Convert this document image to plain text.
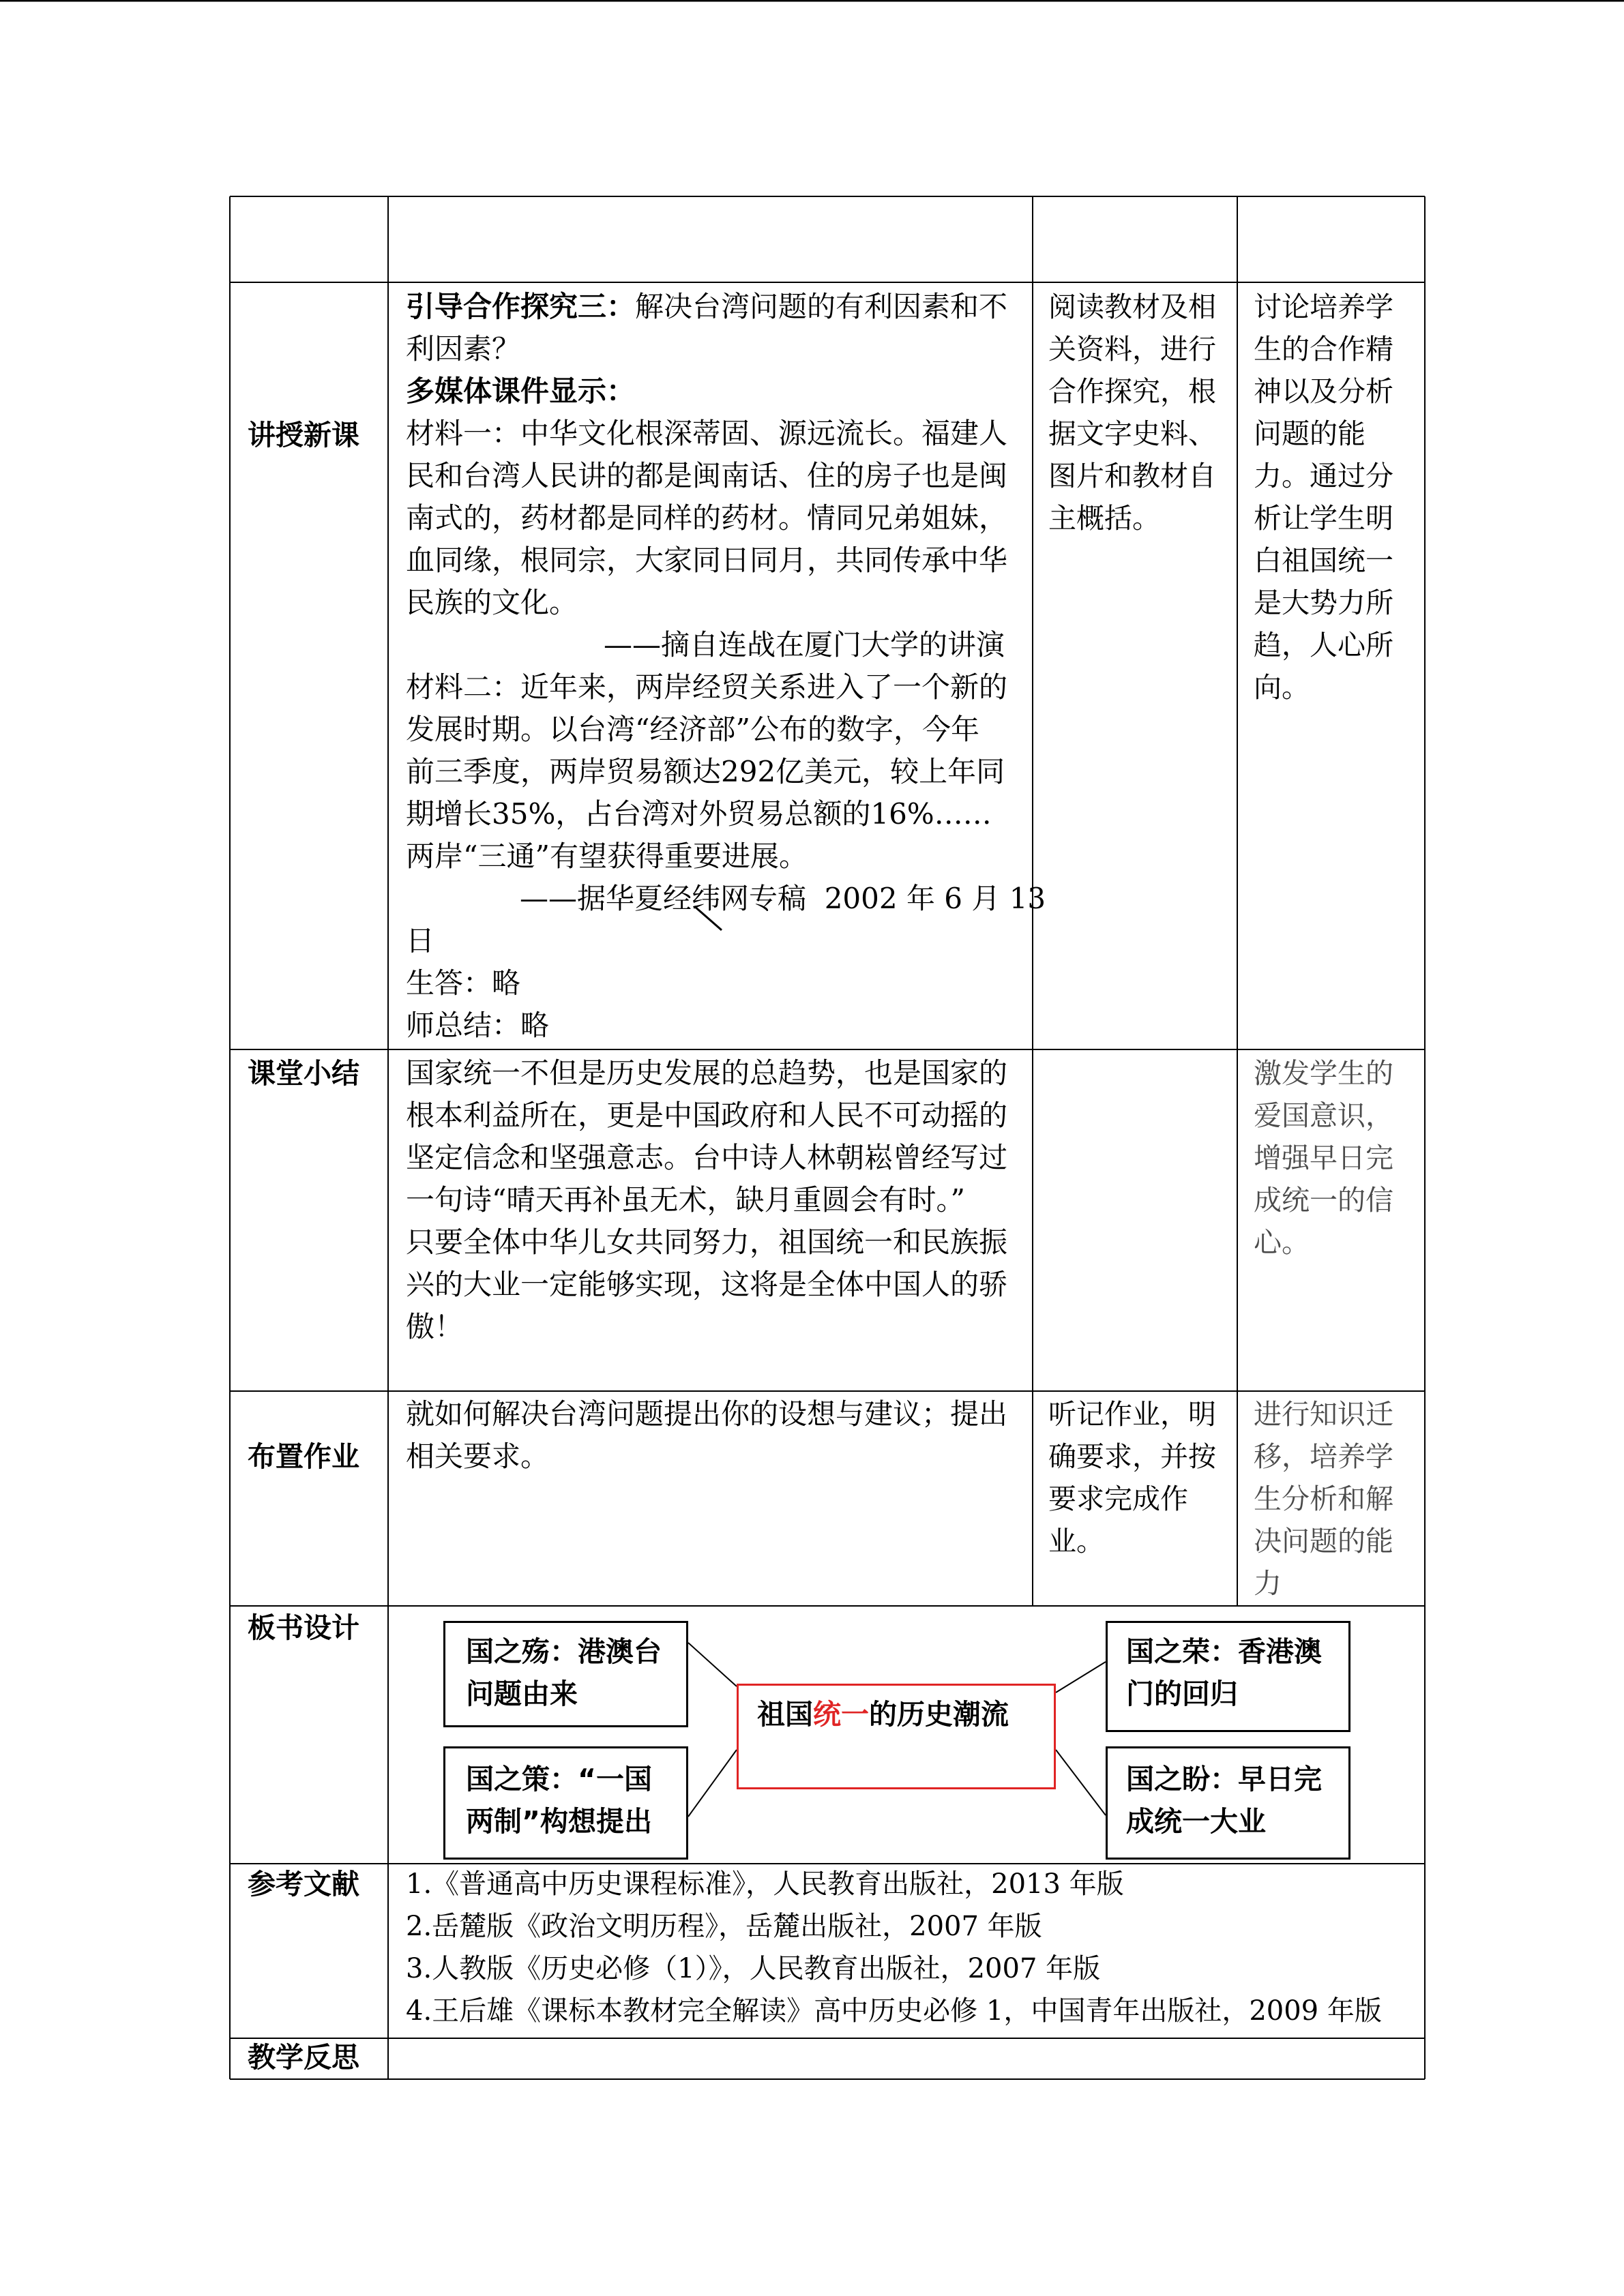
讲授新课
引导合作探究三：解决台湾问题的有利因素和不
利因素？
多媒体课件显示：
材料一：中华文化根深蒂固、源远流长。福建人
民和台湾人民讲的都是闽南话、住的房子也是闽
南式的，药材都是同样的药材。情同兄弟姐妹，
血同缘，根同宗，大家同日同月，共同传承中华
民族的文化。
——摘自连战在厦门大学的讲演
材料二：近年来，两岸经贸关系进入了一个新的
发展时期。以台湾“经济部”公布的数字，今年
前三季度，两岸贸易额达292亿美元，较上年同
期增长35%，占台湾对外贸易总额的16%……
两岸“三通”有望获得重要进展。
——据华夏经纬网专稿  2002 年 6 月 13
日
生答：略
师总结：略
阅读教材及相
关资料，进行
合作探究，根
据文字史料、
图片和教材自
主概括。
讨论培养学
生的合作精
神以及分析
问题的能
力。通过分
析让学生明
白祖国统一
是大势力所
趋，人心所
向。
课堂小结 国家统一不但是历史发展的总趋势，也是国家的
根本利益所在，更是中国政府和人民不可动摇的
坚定信念和坚强意志。台中诗人林朝崧曾经写过
一句诗“晴天再补虽无术，缺月重圆会有时。”
只要全体中华儿女共同努力，祖国统一和民族振
兴的大业一定能够实现，这将是全体中国人的骄
傲！
激发学生的
爱国意识，
增强早日完
成统一的信
心。
布置作业
就如何解决台湾问题提出你的设想与建议；提出
相关要求。
听记作业，明
确要求，并按
要求完成作
业。
进行知识迁
移，培养学
生分析和解
决问题的能
力
板书设计
国之殇：港澳台
问题由来
国之策：“一国
两制”构想提出
祖国统一的历史潮流
国之荣：香港澳
门的回归
国之盼：早日完
成统一大业
参考文献 1.《普通高中历史课程标准》，人民教育出版社，2013 年版
2.岳麓版《政治文明历程》，岳麓出版社，2007 年版
3.人教版《历史必修（1）》，人民教育出版社，2007 年版
4.王后雄《课标本教材完全解读》高中历史必修 1，中国青年出版社，2009 年版
教学反思
